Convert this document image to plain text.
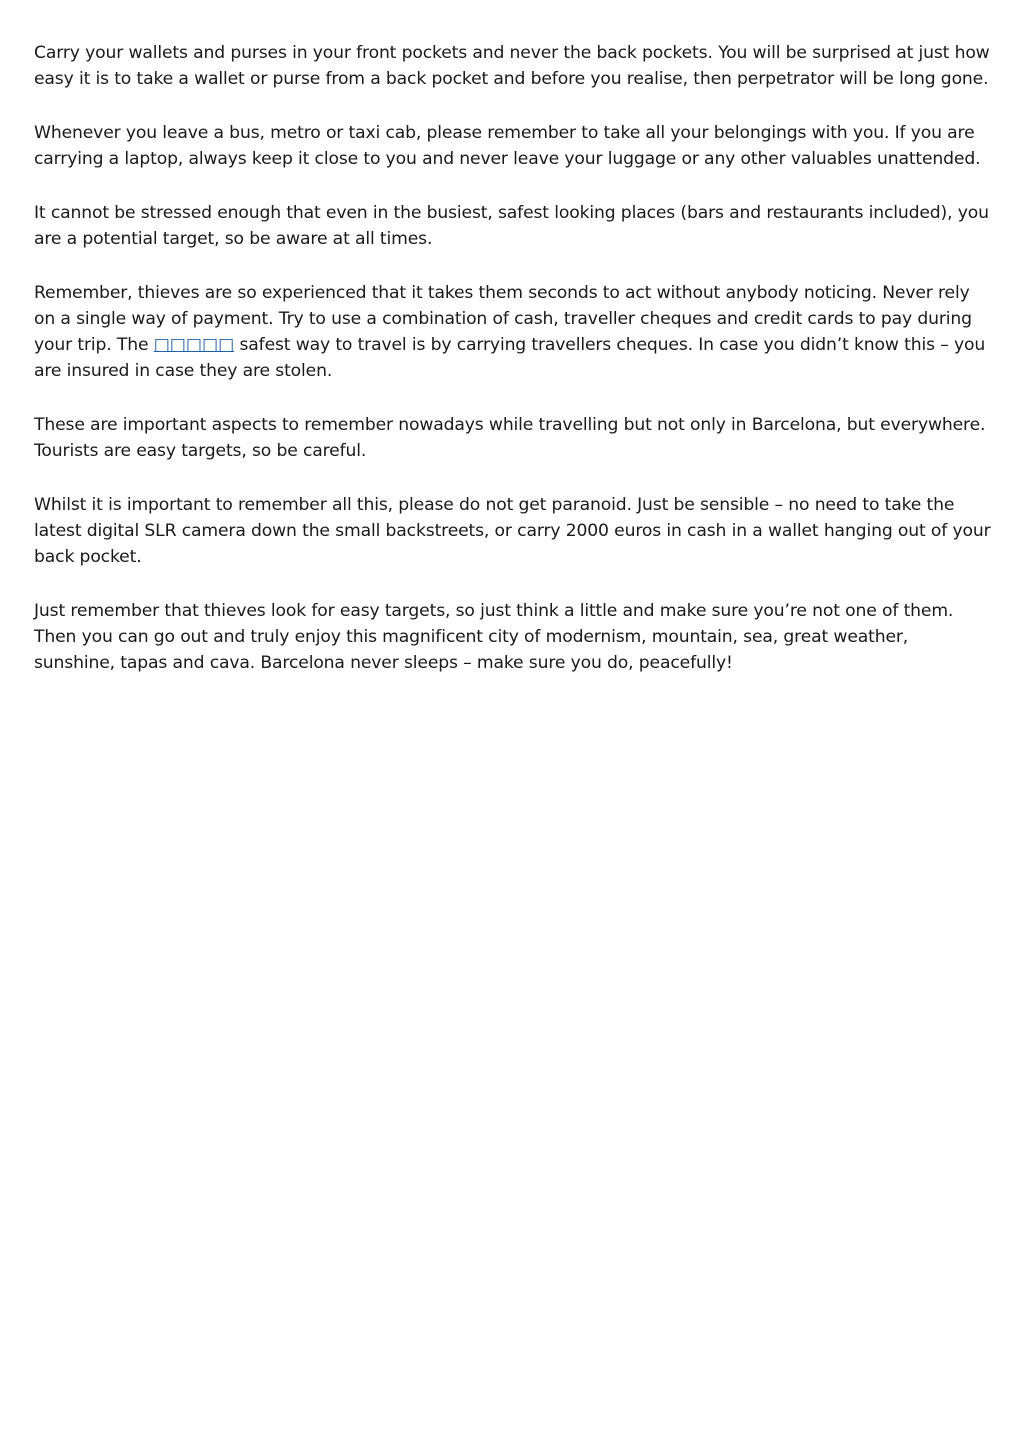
Carry your wallets and purses in your front pockets and never the back pockets. You will be surprised at just how easy it is to take a wallet or purse from a back pocket and before you realise, then perpetrator will be long gone.

Whenever you leave a bus, metro or taxi cab, please remember to take all your belongings with you. If you are carrying a laptop, always keep it close to you and never leave your luggage or any other valuables unattended.

It cannot be stressed enough that even in the busiest, safest looking places (bars and restaurants included), you are a potential target, so be aware at all times.

Remember, thieves are so experienced that it takes them seconds to act without anybody noticing. Never rely on a single way of payment. Try to use a combination of cash, traveller cheques and credit cards to pay during your trip. The □□□□□ safest way to travel is by carrying travellers cheques. In case you didn’t know this – you are insured in case they are stolen.

These are important aspects to remember nowadays while travelling but not only in Barcelona, but everywhere. Tourists are easy targets, so be careful.

Whilst it is important to remember all this, please do not get paranoid. Just be sensible – no need to take the latest digital SLR camera down the small backstreets, or carry 2000 euros in cash in a wallet hanging out of your back pocket.

Just remember that thieves look for easy targets, so just think a little and make sure you’re not one of them. Then you can go out and truly enjoy this magnificent city of modernism, mountain, sea, great weather, sunshine, tapas and cava. Barcelona never sleeps – make sure you do, peacefully!
